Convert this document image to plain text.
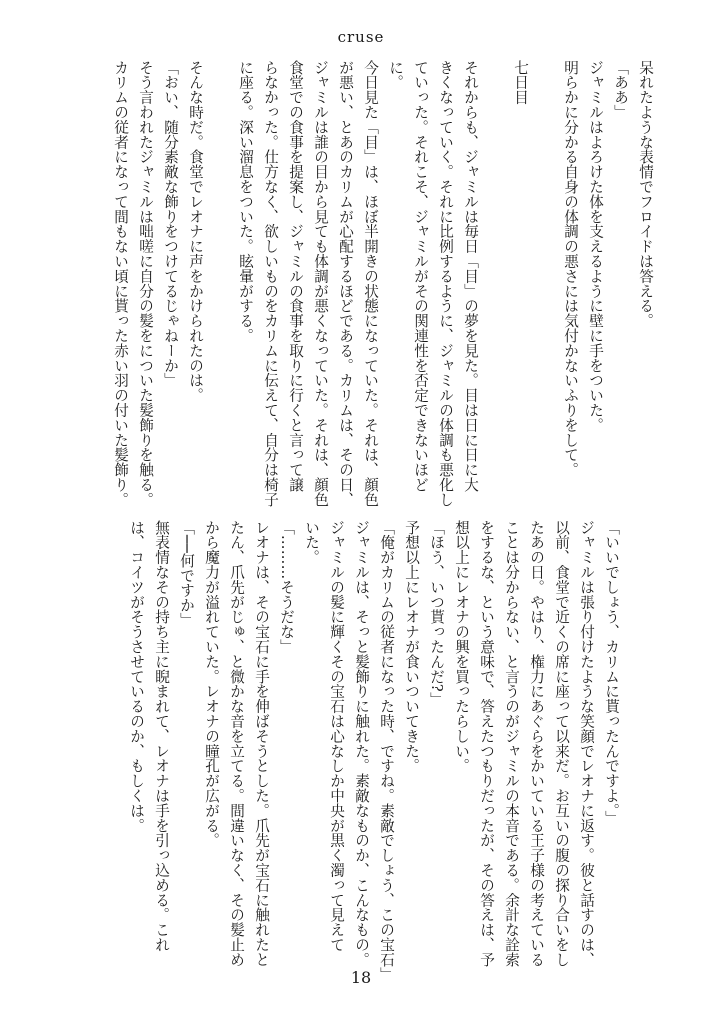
cruse

呆れたような表情でフロイドは答える。

「ああ」

ジャミルはよろけた体を支えるように壁に手をついた。

明らかに分かる自身の体調の悪さには気付かないふりをして。

七日目

それからも、ジャミルは毎日「目」の夢を見た。目は日に日に大

きくなっていく。それに比例するように、ジャミルの体調も悪化し

ていった。それこそ、ジャミルがその関連性を否定できないほど

に。

今日見た「目」は、ほぼ半開きの状態になっていた。それは、顔色

が悪い、とあのカリムが心配するほどである。カリムは、その日、

ジャミルは誰の目から見ても体調が悪くなっていた。それは、顔色

食堂での食事を提案し、ジャミルの食事を取りに行くと言って譲

らなかった。仕方なく、欲しいものをカリムに伝えて、自分は椅子

に座る。深い溜息をついた。眩暈がする。

そんな時だ。食堂でレオナに声をかけられたのは。

「おい、随分素敵な飾りをつけてるじゃねーか」

そう言われたジャミルは咄嗟に自分の髪をについた髪飾りを触る。

カリムの従者になって間もない頃に貰った赤い羽の付いた髪飾り。

「いいでしょう、カリムに貰ったんですよ。」

ジャミルは張り付けたような笑顔でレオナに返す。彼と話すのは、

以前、食堂で近くの席に座って以来だ。お互いの腹の探り合いをし

たあの日。やはり、権力にあぐらをかいている王子様の考えている

ことは分からない、と言うのがジャミルの本音である。余計な詮索

をするな、という意味で、答えたつもりだったが、その答えは、予

想以上にレオナの興を買ったらしい。

「ほう、いつ貰ったんだ?」

予想以上にレオナが食いついてきた。

「俺がカリムの従者になった時、ですね。素敵でしょう、この宝石」

ジャミルは、そっと髪飾りに触れた。素敵なものか、こんなもの。

ジャミルの髪に輝くその宝石は心なしか中央が黒く濁って見えて

いた。

「………そうだな」

レオナは、その宝石に手を伸ばそうとした。爪先が宝石に触れたと

たん、爪先がじゅ、と微かな音を立てる。間違いなく、その髪止め

から魔力が溢れていた。レオナの瞳孔が広がる。

「──何ですか」

無表情なその持ち主に睨まれて、レオナは手を引っ込める。これ

は、コイツがそうさせているのか、もしくは。

18
